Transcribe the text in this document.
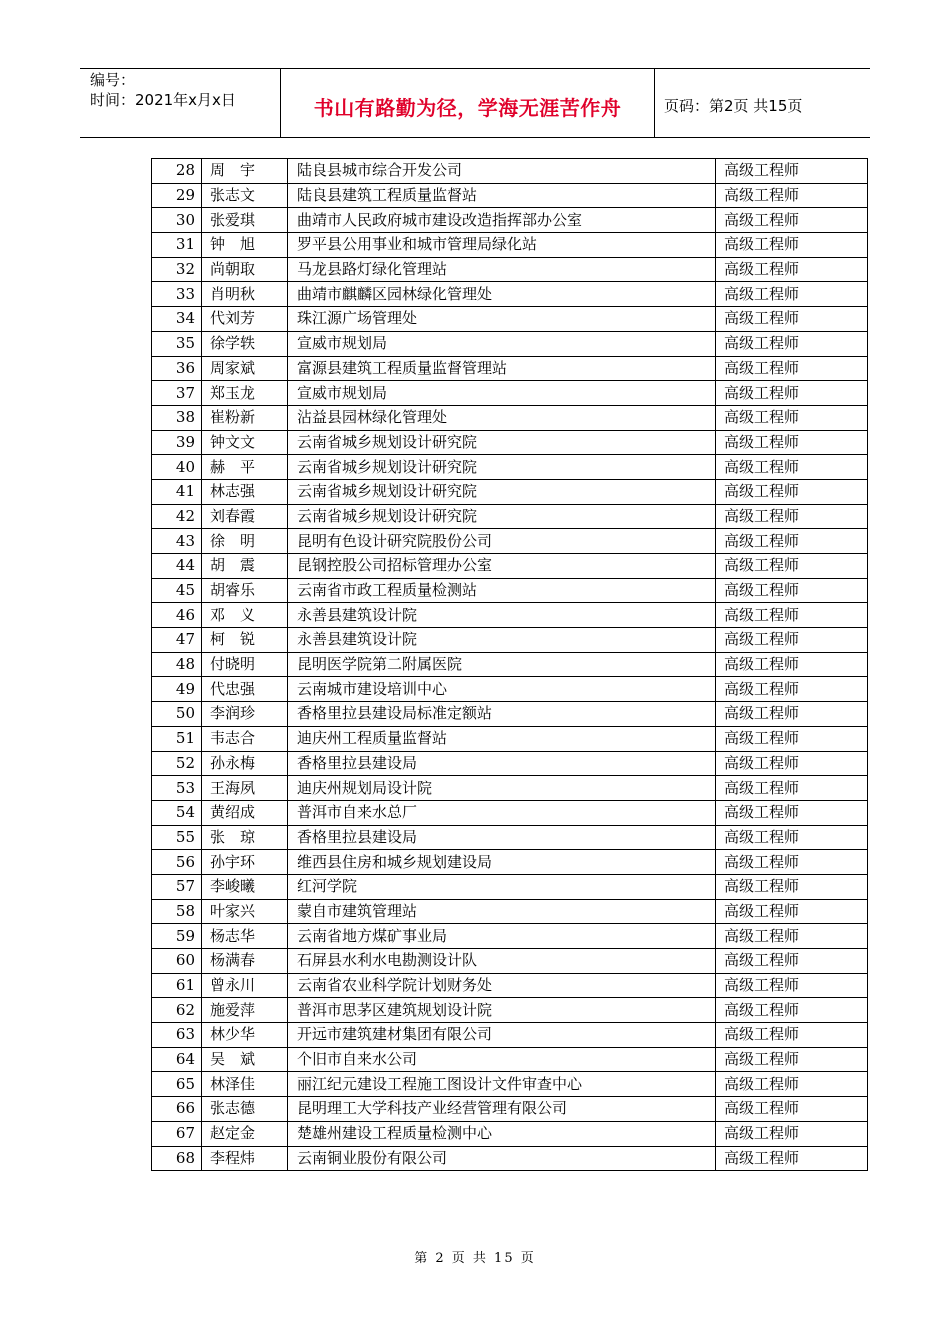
编号：
时间：2021年x月x日	书山有路勤为径，学海无涯苦作舟	页码：第2页 共15页
28	周　宇	陆良县城市综合开发公司	高级工程师
29	张志文	陆良县建筑工程质量监督站	高级工程师
30	张爱琪	曲靖市人民政府城市建设改造指挥部办公室	高级工程师
31	钟　旭	罗平县公用事业和城市管理局绿化站	高级工程师
32	尚朝取	马龙县路灯绿化管理站	高级工程师
33	肖明秋	曲靖市麒麟区园林绿化管理处	高级工程师
34	代刘芳	珠江源广场管理处	高级工程师
35	徐学轶	宣威市规划局	高级工程师
36	周家斌	富源县建筑工程质量监督管理站	高级工程师
37	郑玉龙	宣威市规划局	高级工程师
38	崔粉新	沾益县园林绿化管理处	高级工程师
39	钟文文	云南省城乡规划设计研究院	高级工程师
40	赫　平	云南省城乡规划设计研究院	高级工程师
41	林志强	云南省城乡规划设计研究院	高级工程师
42	刘春霞	云南省城乡规划设计研究院	高级工程师
43	徐　明	昆明有色设计研究院股份公司	高级工程师
44	胡　震	昆钢控股公司招标管理办公室	高级工程师
45	胡睿乐	云南省市政工程质量检测站	高级工程师
46	邓　义	永善县建筑设计院	高级工程师
47	柯　锐	永善县建筑设计院	高级工程师
48	付晓明	昆明医学院第二附属医院	高级工程师
49	代忠强	云南城市建设培训中心	高级工程师
50	李润珍	香格里拉县建设局标准定额站	高级工程师
51	韦志合	迪庆州工程质量监督站	高级工程师
52	孙永梅	香格里拉县建设局	高级工程师
53	王海夙	迪庆州规划局设计院	高级工程师
54	黄绍成	普洱市自来水总厂	高级工程师
55	张　琼	香格里拉县建设局	高级工程师
56	孙宇环	维西县住房和城乡规划建设局	高级工程师
57	李峻曦	红河学院	高级工程师
58	叶家兴	蒙自市建筑管理站	高级工程师
59	杨志华	云南省地方煤矿事业局	高级工程师
60	杨满春	石屏县水利水电勘测设计队	高级工程师
61	曾永川	云南省农业科学院计划财务处	高级工程师
62	施爱萍	普洱市思茅区建筑规划设计院	高级工程师
63	林少华	开远市建筑建材集团有限公司	高级工程师
64	吴　斌	个旧市自来水公司	高级工程师
65	林泽佳	丽江纪元建设工程施工图设计文件审查中心	高级工程师
66	张志德	昆明理工大学科技产业经营管理有限公司	高级工程师
67	赵定金	楚雄州建设工程质量检测中心	高级工程师
68	李程炜	云南铜业股份有限公司	高级工程师
第 2 页 共 15 页
